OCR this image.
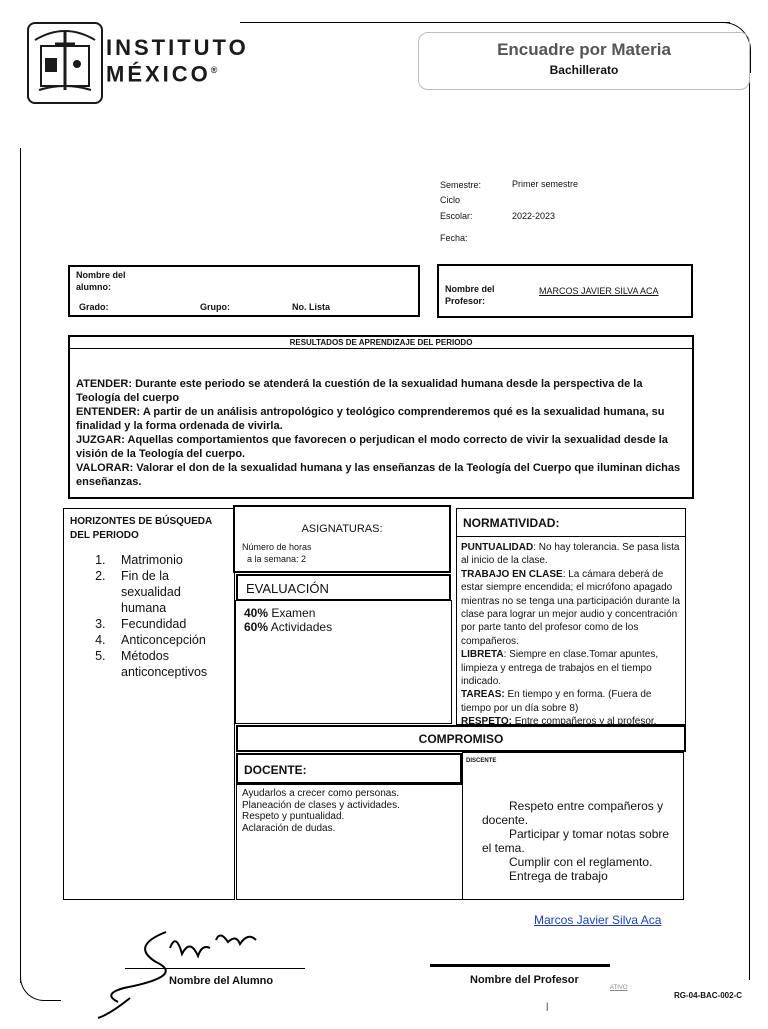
INSTITUTO
MÉXICO®
Encuadre por Materia
Bachillerato
Semestre:	Primer semestre
Ciclo
Escolar:	2022-2023
Fecha:
Nombre del
alumno:
Grado:	Grupo:	No. Lista
Nombre del
Profesor:
MARCOS JAVIER SILVA ACA
RESULTADOS DE APRENDIZAJE DEL PERIODO

ATENDER: Durante este periodo se atenderá la cuestión de la sexualidad humana desde la perspectiva de la Teología del cuerpo

ENTENDER: A partir de un análisis antropológico y teológico comprenderemos qué es la sexualidad humana, su finalidad y la forma ordenada de vivirla.

JUZGAR: Aquellas comportamientos que favorecen o perjudican el modo correcto de vivir la sexualidad desde la visión de la Teología del cuerpo.

VALORAR: Valorar el don de la sexualidad humana y las enseñanzas de la Teología del Cuerpo que iluminan dichas enseñanzas.

HORIZONTES DE BÚSQUEDA
DEL PERIODO
1. Matrimonio
2. Fin de la sexualidad humana
3. Fecundidad
4. Anticoncepción
5. Métodos anticonceptivos
ASIGNATURAS:
Número de horas
a la semana: 2
EVALUACIÓN
40% Examen
60% Actividades
NORMATIVIDAD:
PUNTUALIDAD: No hay tolerancia. Se pasa lista al inicio de la clase.
TRABAJO EN CLASE: La cámara deberá de estar siempre encendida; el micrófono apagado mientras no se tenga una participación durante la clase para lograr un mejor audio y concentración por parte tanto del profesor como de los compañeros.
LIBRETA: Siempre en clase.Tomar apuntes, limpieza y entrega de trabajos en el tiempo indicado.
TAREAS: En tiempo y en forma. (Fuera de tiempo por un día sobre 8)
RESPETO: Entre compañeros y al profesor.
COMPROMISO
DOCENTE:
Ayudarlos a crecer como personas.
Planeación de clases y actividades.
Respeto y puntualidad.
Aclaración de dudas.
DISCENTE
Respeto entre compañeros y
docente.
Participar y tomar notas sobre
el tema.
Cumplir con el reglamento.
Entrega de trabajo
Marcos Javier Silva Aca
Nombre del Alumno	Nombre del Profesor
ATIVO
RG-04-BAC-002-C
|
